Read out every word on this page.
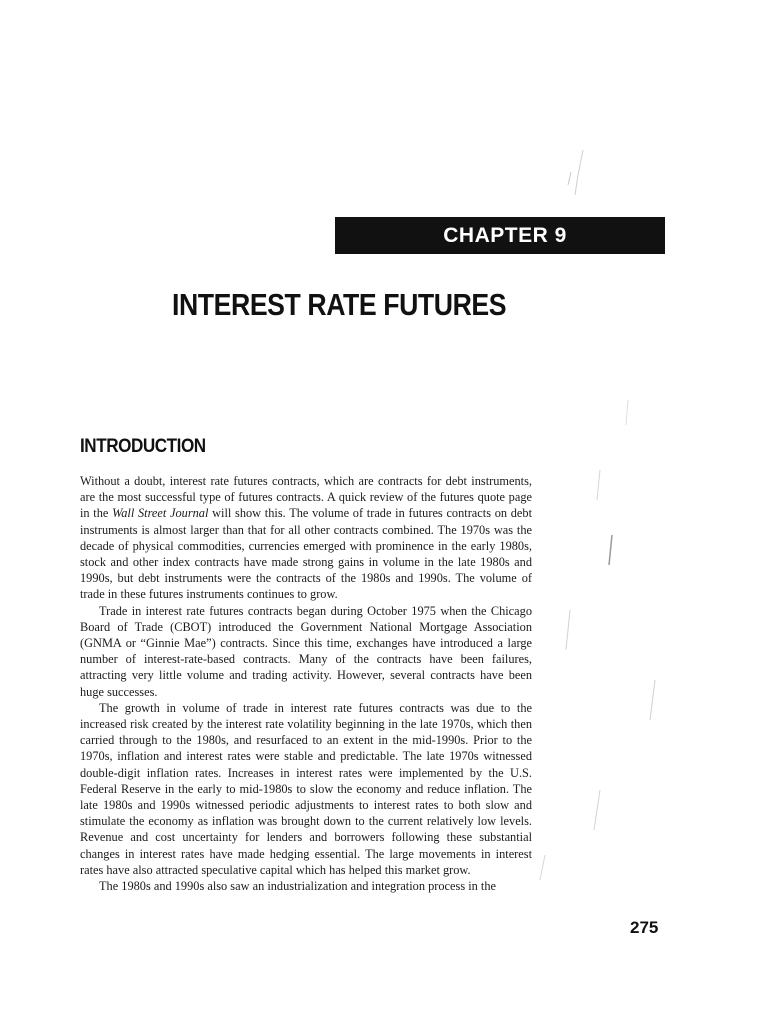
CHAPTER 9
INTEREST RATE FUTURES
INTRODUCTION

Without a doubt, interest rate futures contracts, which are contracts for debt instruments, are the most successful type of futures contracts. A quick review of the futures quote page in the Wall Street Journal will show this. The volume of trade in futures contracts on debt instruments is almost larger than that for all other contracts combined. The 1970s was the decade of physical commodities, currencies emerged with prominence in the early 1980s, stock and other index contracts have made strong gains in volume in the late 1980s and 1990s, but debt instruments were the contracts of the 1980s and 1990s. The volume of trade in these futures instruments continues to grow.

Trade in interest rate futures contracts began during October 1975 when the Chicago Board of Trade (CBOT) introduced the Government National Mortgage Association (GNMA or “Ginnie Mae”) contracts. Since this time, exchanges have introduced a large number of interest-rate-based contracts. Many of the contracts have been failures, attracting very little volume and trading activity. However, several contracts have been huge successes.

The growth in volume of trade in interest rate futures contracts was due to the increased risk created by the interest rate volatility beginning in the late 1970s, which then carried through to the 1980s, and resurfaced to an extent in the mid-1990s. Prior to the 1970s, inflation and interest rates were stable and predictable. The late 1970s witnessed double-digit inflation rates. Increases in interest rates were implemented by the U.S. Federal Reserve in the early to mid-1980s to slow the economy and reduce inflation. The late 1980s and 1990s witnessed periodic adjustments to interest rates to both slow and stimulate the economy as inflation was brought down to the current relatively low levels. Revenue and cost uncertainty for lenders and borrowers following these substantial changes in interest rates have made hedging essential. The large movements in interest rates have also attracted speculative capital which has helped this market grow.

The 1980s and 1990s also saw an industrialization and integration process in the

275
